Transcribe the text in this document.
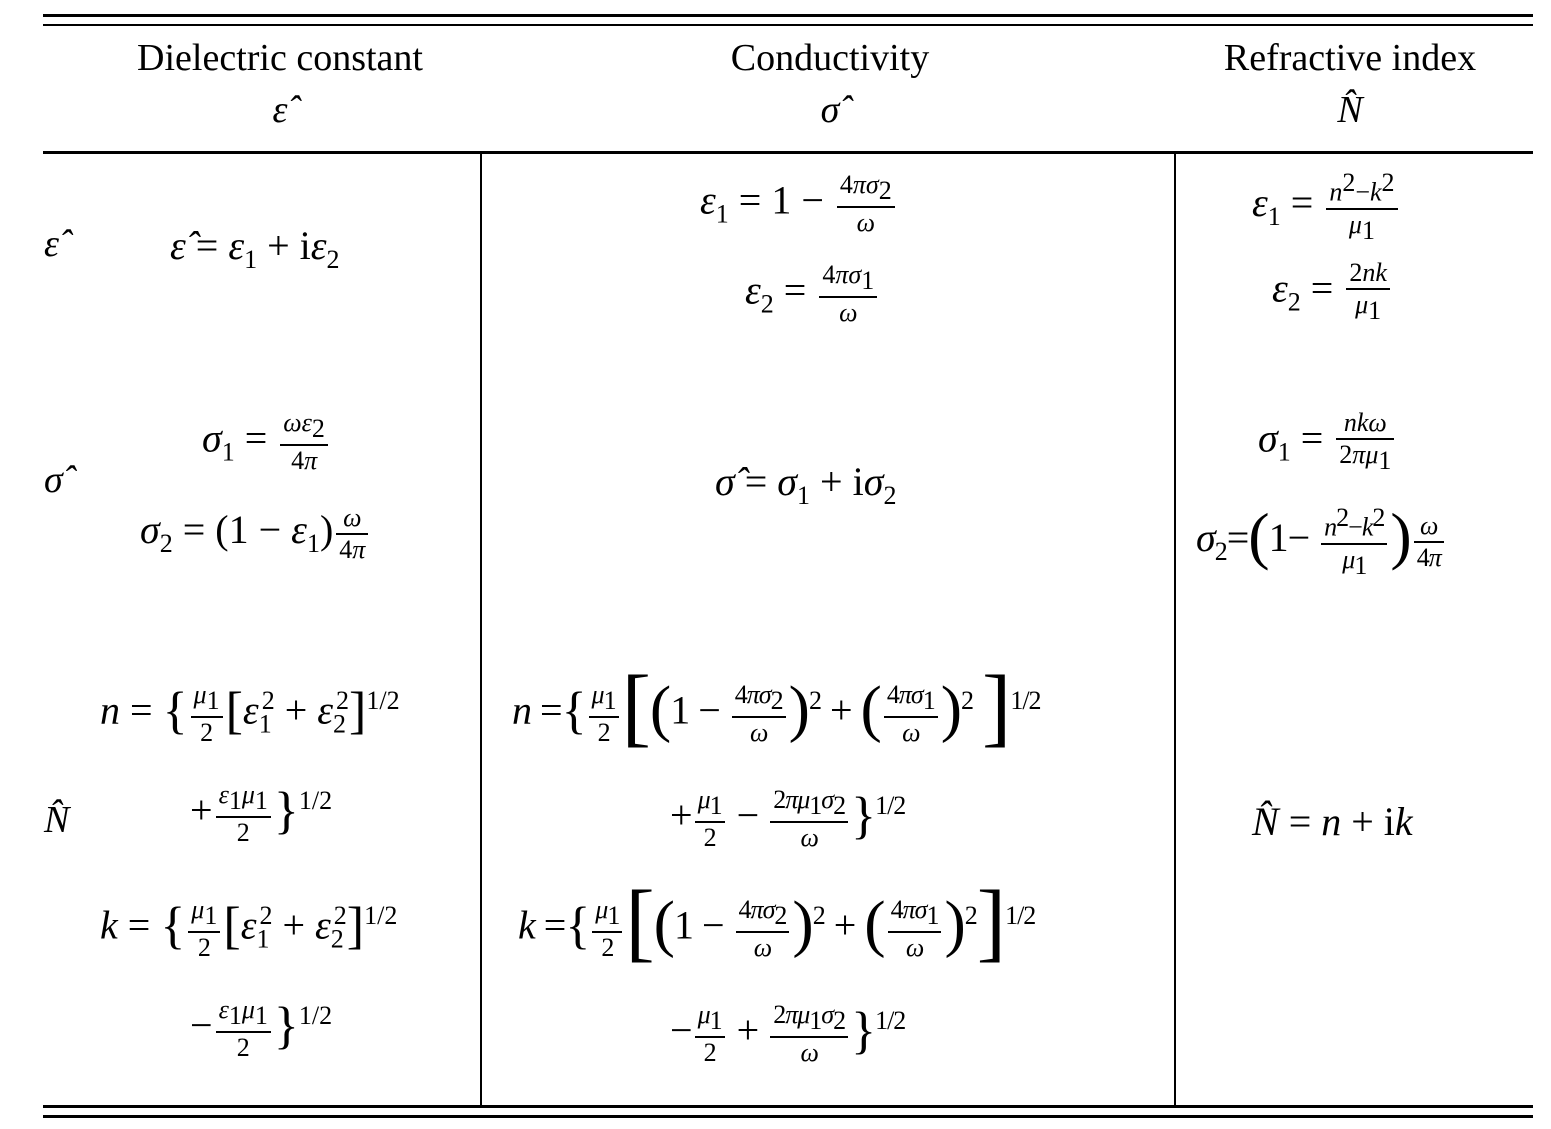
Dielectric constant
ε̂
Conductivity
σ̂
Refractive index
N̂
ε̂
σ̂
N̂
ε̂ = $\varepsilon_1 + i\varepsilon_2$
$\varepsilon_1 = 1 - \frac{4\pi\sigma_2}{\omega}$
$\varepsilon_2 = \frac{4\pi\sigma_1}{\omega}$
$\varepsilon_1 = \frac{n^2-k^2}{\mu_1}$
$\varepsilon_2 = \frac{2nk}{\mu_1}$
$\sigma_1 = \frac{\omega\varepsilon_2}{4\pi}$
$\sigma_2 = (1 - \varepsilon_1) \frac{\omega}{4\pi}$
σ̂ = $\sigma_1 + i\sigma_2$
$\sigma_1 = \frac{\text{nkω}}{2\pi\mu_1}$
$\sigma_2=(1- \frac{n^2-k^2}{\mu_1}$ ) $\frac{\omega}{4\pi}$
n = { $\frac{\mu_1}{2} [\varepsilon_1^2 + \varepsilon_2^2]^{1/2}$
+ $\frac{\varepsilon_1\mu_1}{2} \}^{1/2}$
k = { $\frac{\mu_1}{2} [\varepsilon_1^2 + \varepsilon_2^2]^{1/2}$
− $\frac{\varepsilon_1\mu_1}{2} \}^{1/2}$
n ={ $\frac{\mu_1}{2} [(1 - \frac{4\pi\sigma_2}{\omega} )^2$ + ( $\frac{4\pi\sigma_1}{\omega} )^2$ ]$^{1/2}$
+ $\frac{\mu_1}{2} - \frac{2\pi\mu_1\sigma_2}{\omega} \}^{1/2}$
k ={ $\frac{\mu_1}{2} [(1 - \frac{4\pi\sigma_2}{\omega} )^2$ + ( $\frac{4\pi\sigma_1}{\omega} )^2]^{1/2}$
− $\frac{\mu_1}{2} + \frac{2\pi\mu_1\sigma_2}{\omega} \}^{1/2}$
N̂ = n + ik
